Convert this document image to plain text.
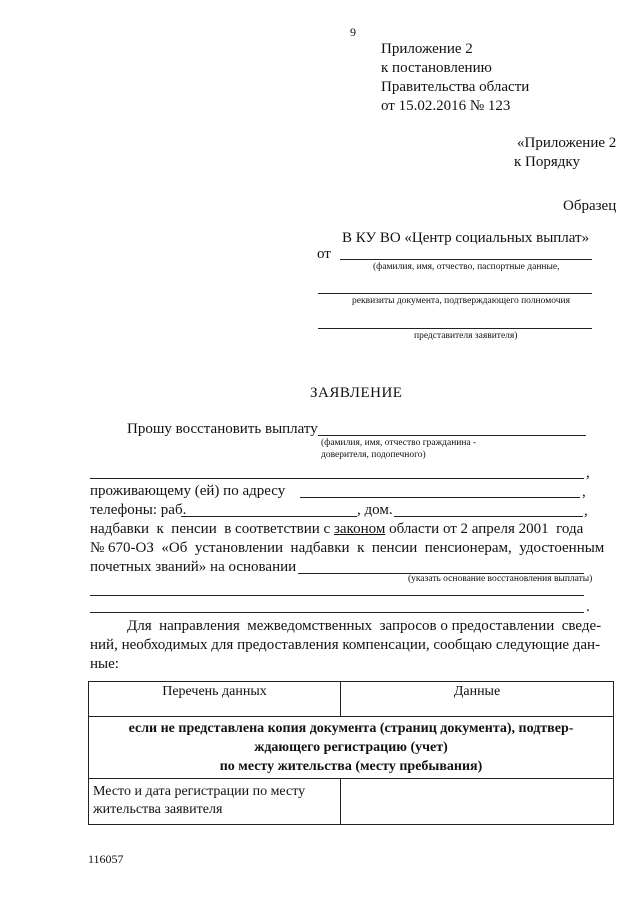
9
Приложение 2
к постановлению
Правительства области
от 15.02.2016 № 123
«Приложение 2
к Порядку
Образец
В КУ ВО «Центр социальных выплат»
от
(фамилия, имя, отчество, паспортные данные,
реквизиты документа, подтверждающего полномочия
представителя заявителя)
ЗАЯВЛЕНИЕ
Прошу восстановить выплату
(фамилия, имя, отчество гражданина -
доверителя, подопечного)
,
проживающему (ей) по адресу	,
телефоны: раб.	, дом.	,
надбавки  к  пенсии  в соответствии с законом области от 2 апреля 2001  года
№ 670-ОЗ  «Об  установлении  надбавки  к  пенсии  пенсионерам,  удостоенным
почетных званий» на основании
(указать основание восстановления выплаты)
.
Для  направления  межведомственных  запросов о предоставлении  сведе-
ний, необходимых для предоставления компенсации, сообщаю следующие дан-
ные:
Перечень данных	Данные

если не представлена копия документа (страниц документа), подтвер-
ждающего регистрацию (учет)
по месту жительства (месту пребывания)	

Место и дата регистрации по месту
жительства заявителя	

116057
